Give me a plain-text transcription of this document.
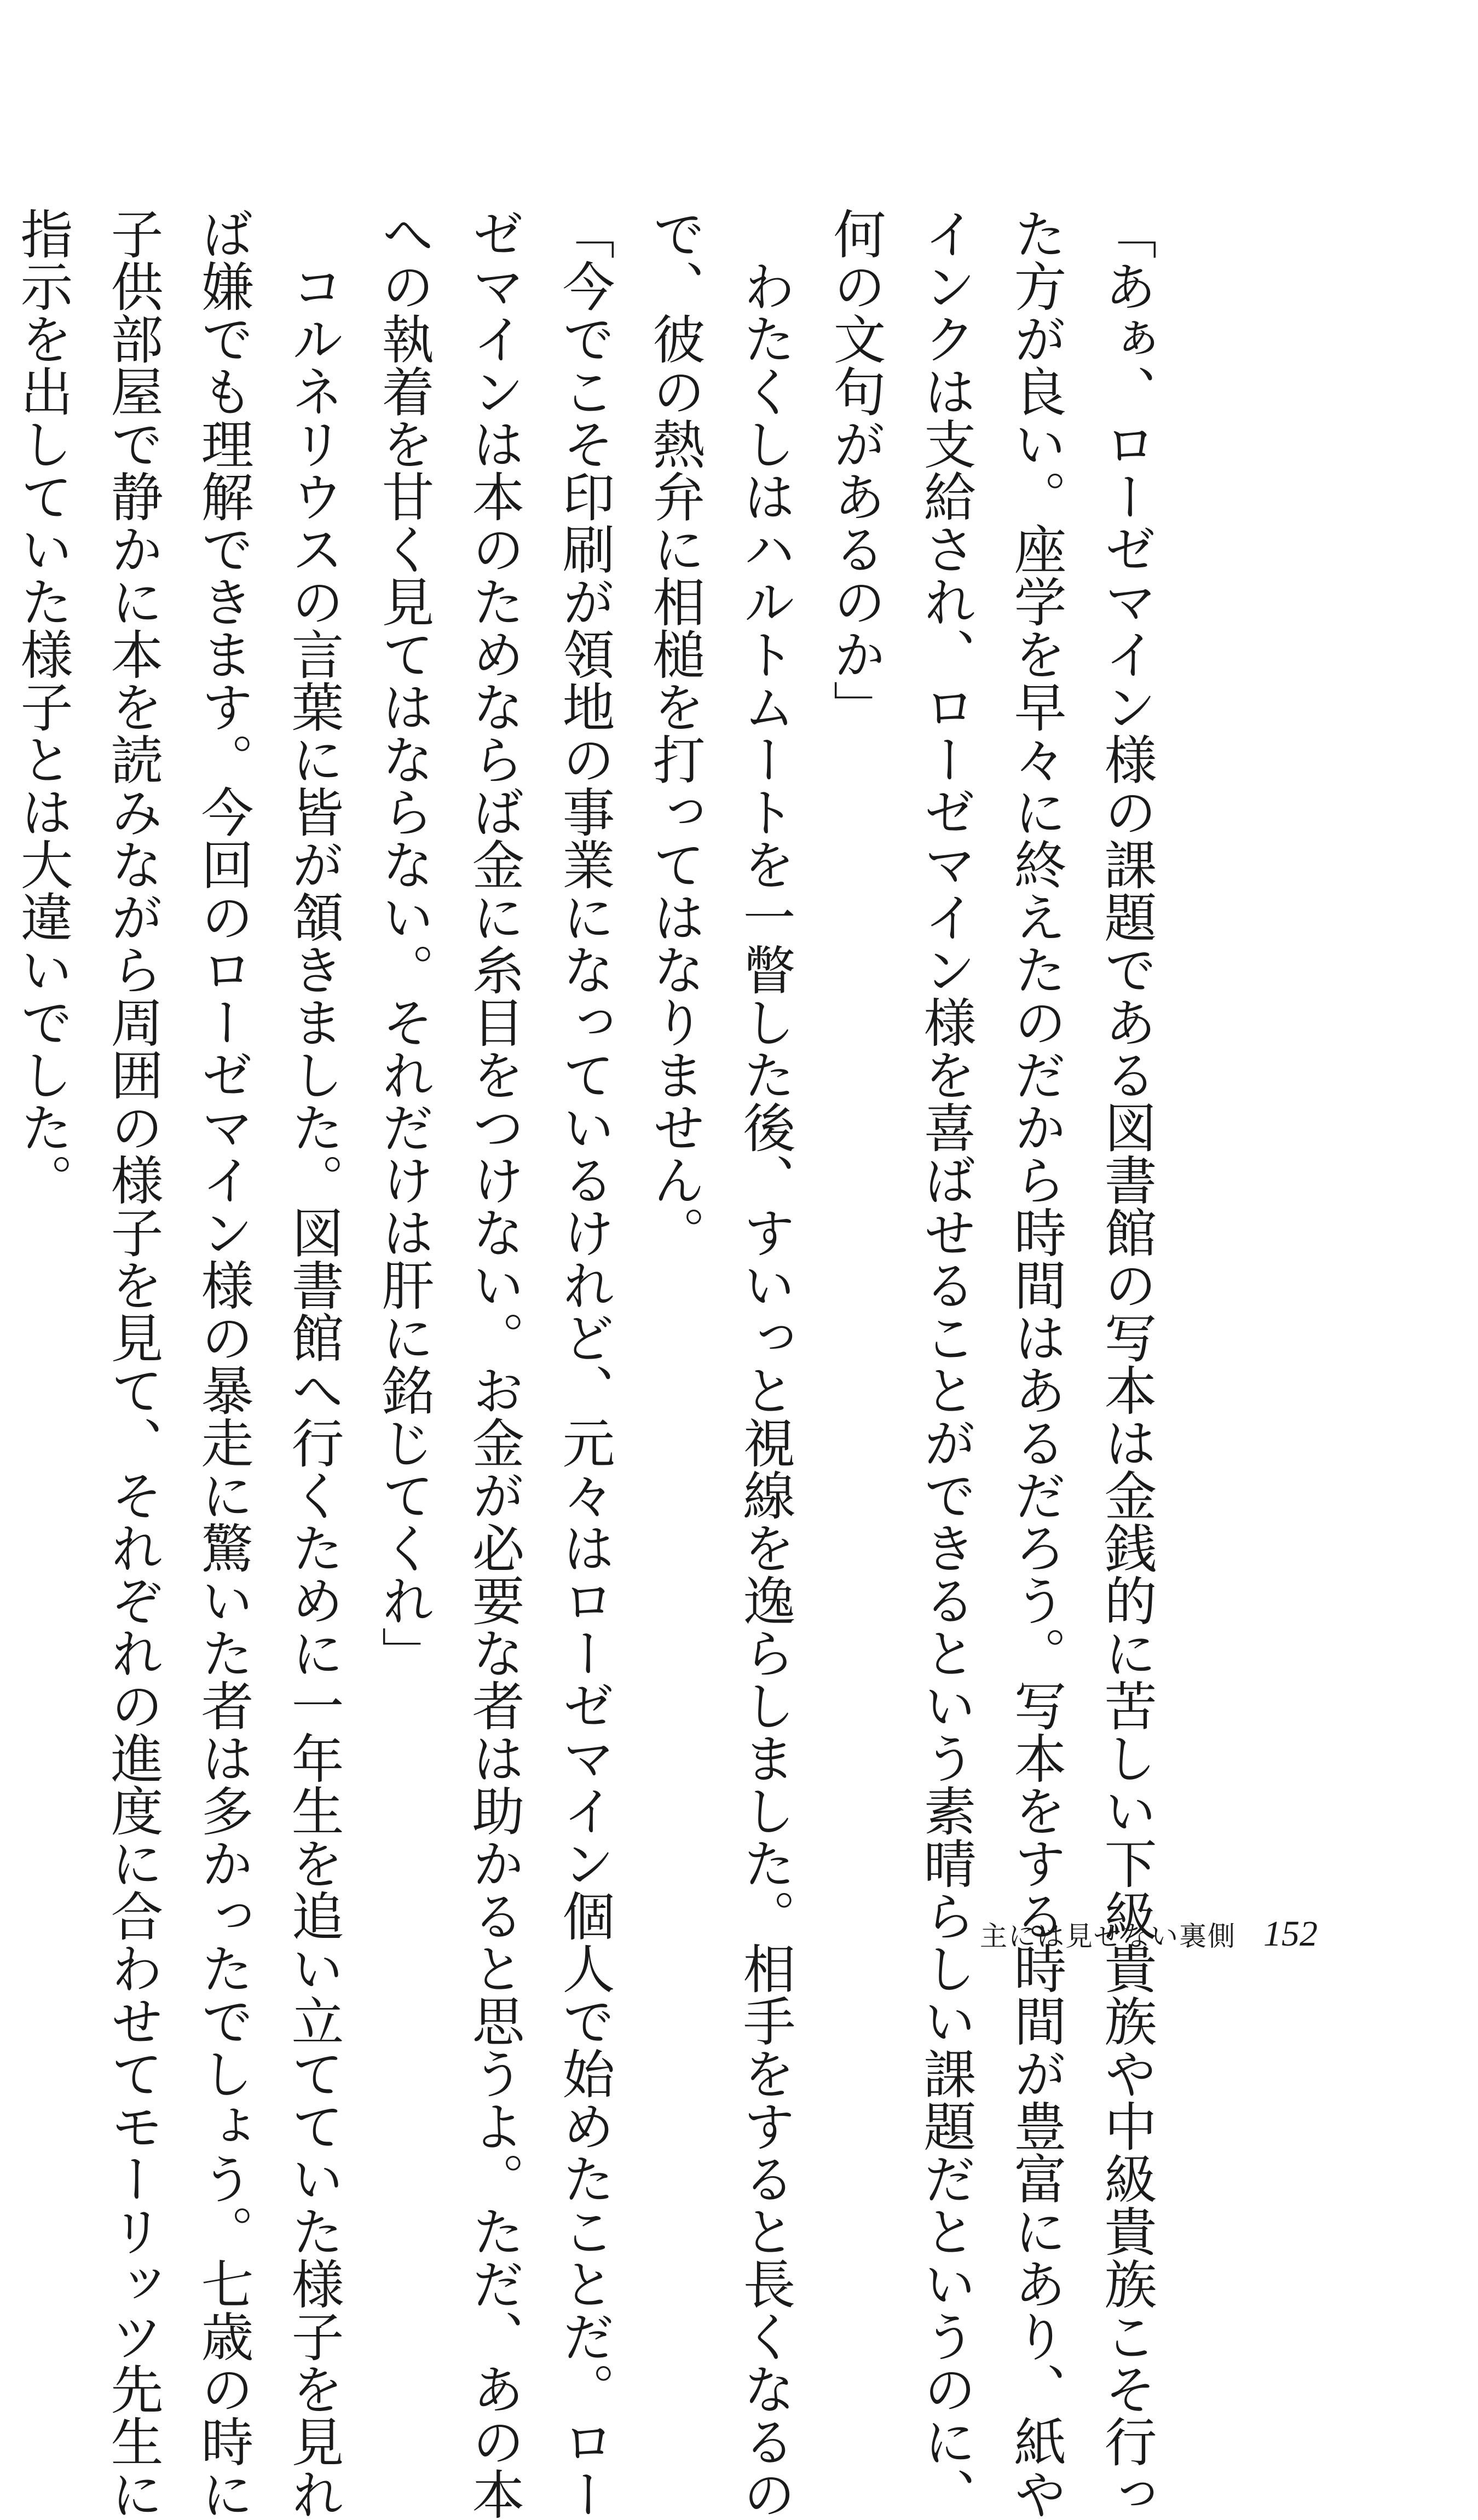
「あぁ、ローゼマイン様の課題である図書館の写本は金銭的に苦しい下級貴族や中級貴族こそ行っ
た方が良い。座学を早々に終えたのだから時間はあるだろう。写本をする時間が豊富にあり、紙や
インクは支給され、ローゼマイン様を喜ばせることができるという素晴らしい課題だというのに、
何の文句があるのか」
　わたくしはハルトムートを一瞥した後、すいっと視線を逸らしました。相手をすると長くなるの
で、彼の熱弁に相槌を打ってはなりません。
「今でこそ印刷が領地の事業になっているけれど、元々はローゼマイン個人で始めたことだ。ロー
ゼマインは本のためならば金に糸目をつけない。お金が必要な者は助かると思うよ。ただ、あの本
への執着を甘く見てはならない。それだけは肝に銘じてくれ」
　コルネリウスの言葉に皆が頷きました。図書館へ行くために一年生を追い立てていた様子を見れ
ば嫌でも理解できます。今回のローゼマイン様の暴走に驚いた者は多かったでしょう。七歳の時に
子供部屋で静かに本を読みながら周囲の様子を見て、それぞれの進度に合わせてモーリッツ先生に
指示を出していた様子とは大違いでした。
主には見せない裏側 152
